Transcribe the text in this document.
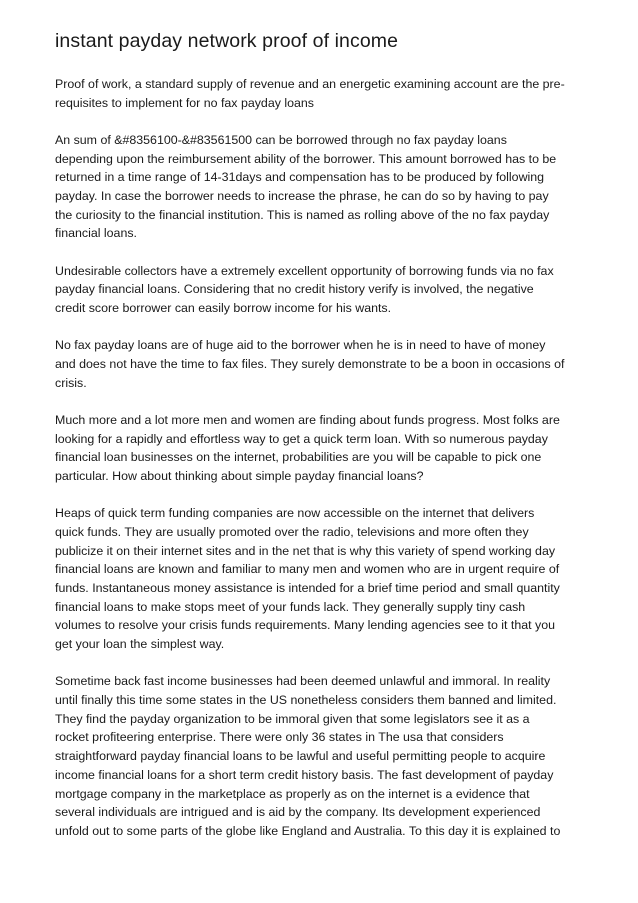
instant payday network proof of income
Proof of work, a standard supply of revenue and an energetic examining account are the pre-
requisites to implement for no fax payday loans
An sum of &#8356100-&#83561500 can be borrowed through no fax payday loans
depending upon the reimbursement ability of the borrower. This amount borrowed has to be
returned in a time range of 14-31days and compensation has to be produced by following
payday. In case the borrower needs to increase the phrase, he can do so by having to pay
the curiosity to the financial institution. This is named as rolling above of the no fax payday
financial loans.
Undesirable collectors have a extremely excellent opportunity of borrowing funds via no fax
payday financial loans. Considering that no credit history verify is involved, the negative
credit score borrower can easily borrow income for his wants.
No fax payday loans are of huge aid to the borrower when he is in need to have of money
and does not have the time to fax files. They surely demonstrate to be a boon in occasions of
crisis.
Much more and a lot more men and women are finding about funds progress. Most folks are
looking for a rapidly and effortless way to get a quick term loan. With so numerous payday
financial loan businesses on the internet, probabilities are you will be capable to pick one
particular. How about thinking about simple payday financial loans?
Heaps of quick term funding companies are now accessible on the internet that delivers
quick funds. They are usually promoted over the radio, televisions and more often they
publicize it on their internet sites and in the net that is why this variety of spend working day
financial loans are known and familiar to many men and women who are in urgent require of
funds. Instantaneous money assistance is intended for a brief time period and small quantity
financial loans to make stops meet of your funds lack. They generally supply tiny cash
volumes to resolve your crisis funds requirements. Many lending agencies see to it that you
get your loan the simplest way.
Sometime back fast income businesses had been deemed unlawful and immoral. In reality
until finally this time some states in the US nonetheless considers them banned and limited.
They find the payday organization to be immoral given that some legislators see it as a
rocket profiteering enterprise. There were only 36 states in The usa that considers
straightforward payday financial loans to be lawful and useful permitting people to acquire
income financial loans for a short term credit history basis. The fast development of payday
mortgage company in the marketplace as properly as on the internet is a evidence that
several individuals are intrigued and is aid by the company. Its development experienced
unfold out to some parts of the globe like England and Australia. To this day it is explained to
